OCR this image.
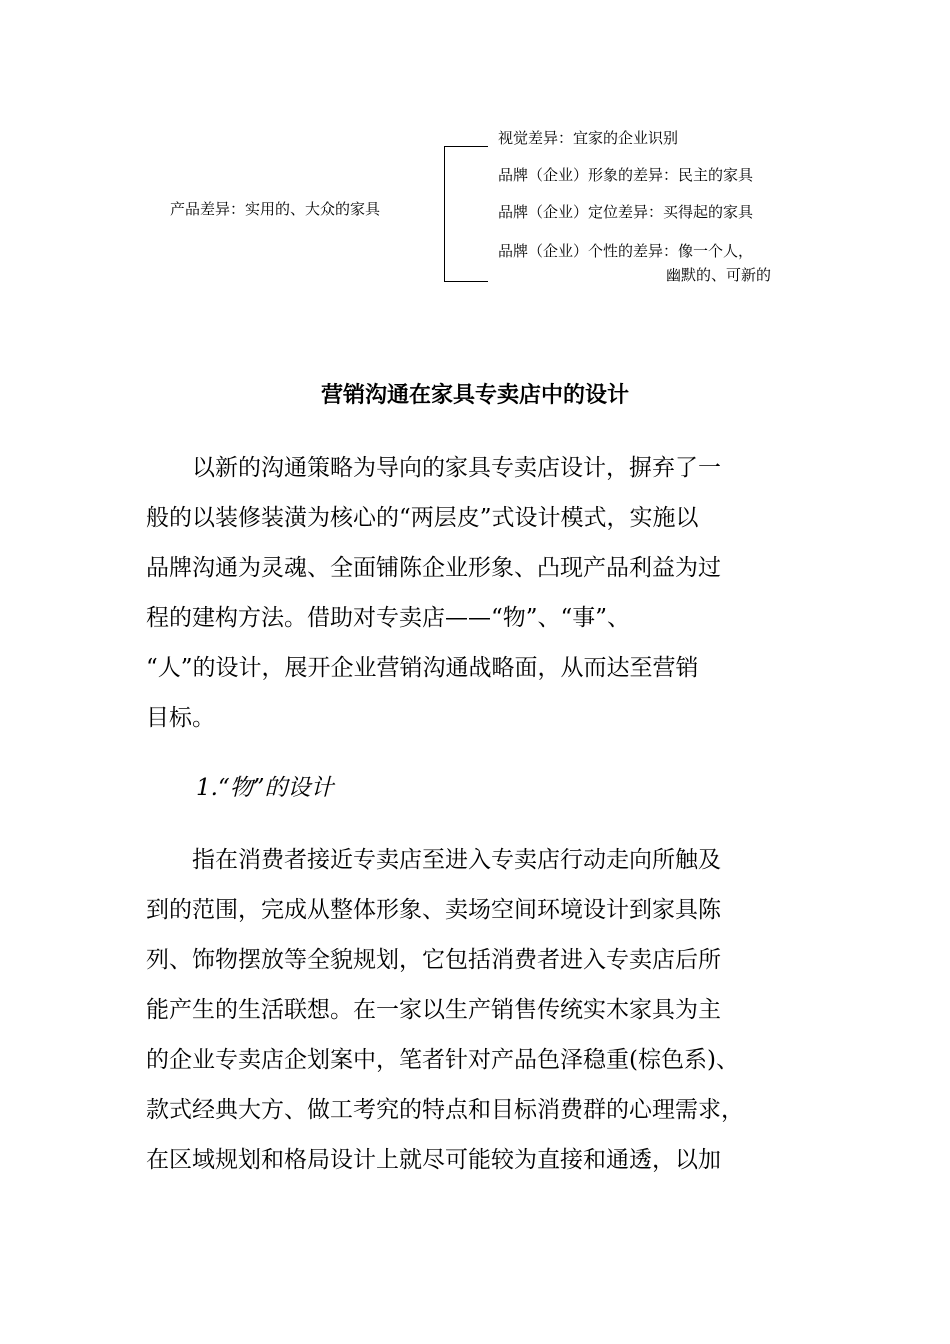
产品差异：实用的、大众的家具
视觉差异：宜家的企业识别
品牌（企业）形象的差异：民主的家具
品牌（企业）定位差异：买得起的家具
品牌（企业）个性的差异：像一个人，
幽默的、可新的
营销沟通在家具专卖店中的设计
　　以新的沟通策略为导向的家具专卖店设计，摒弃了一
般的以装修装潢为核心的“两层皮”式设计模式，实施以
品牌沟通为灵魂、全面铺陈企业形象、凸现产品利益为过
程的建构方法。借助对专卖店——“物”、“事”、
“人”的设计，展开企业营销沟通战略面，从而达至营销
目标。
1.“物”的设计
　　指在消费者接近专卖店至进入专卖店行动走向所触及
到的范围，完成从整体形象、卖场空间环境设计到家具陈
列、饰物摆放等全貌规划，它包括消费者进入专卖店后所
能产生的生活联想。在一家以生产销售传统实木家具为主
的企业专卖店企划案中，笔者针对产品色泽稳重(棕色系)、
款式经典大方、做工考究的特点和目标消费群的心理需求，
在区域规划和格局设计上就尽可能较为直接和通透，以加
